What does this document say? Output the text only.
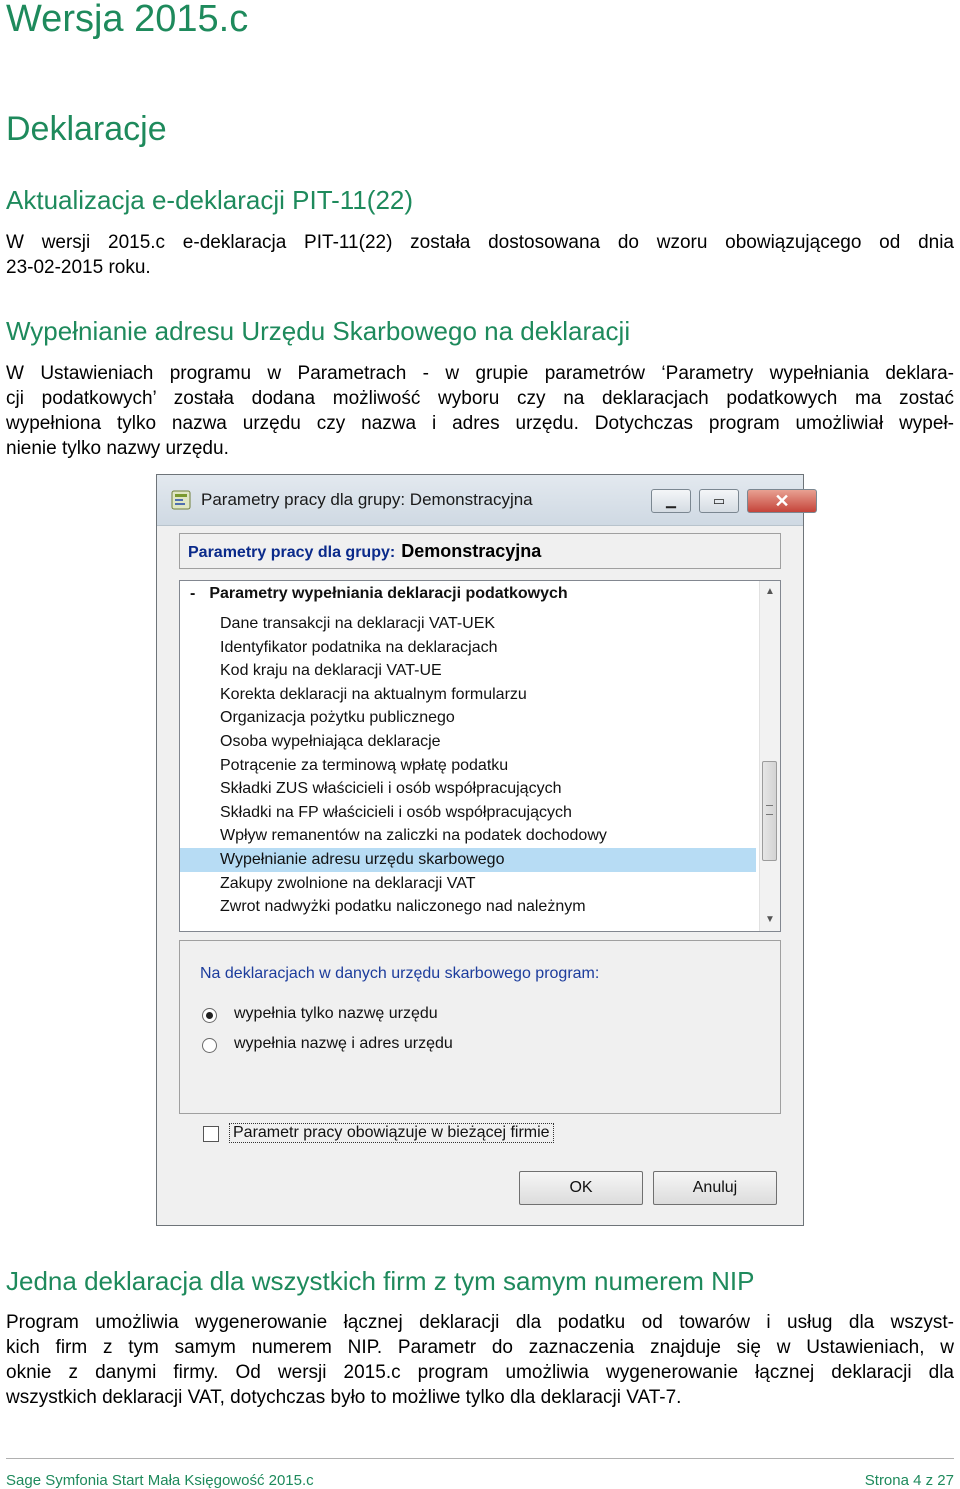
Wersja 2015.c
Deklaracje
Aktualizacja e-deklaracji PIT-11(22)

W wersji 2015.c e-deklaracja PIT-11(22) została dostosowana do wzoru obowiązującego od dnia
23-02-2015 roku.

Wypełnianie adresu Urzędu Skarbowego na deklaracji

W Ustawieniach programu w Parametrach - w grupie parametrów ‘Parametry wypełniania deklara-
cji podatkowych’ została dodana możliwość wyboru czy na deklaracjach podatkowych ma zostać
wypełniona tylko nazwa urzędu czy nazwa i adres urzędu. Dotychczas program umożliwiał wypeł-
nienie tylko nazwy urzędu.

Parametry pracy dla grupy: Demonstracyjna	▁	▭	✕
Parametry pracy dla grupy: Demonstracyjna
- Parametry wypełniania deklaracji podatkowych
Dane transakcji na deklaracji VAT-UEK
Identyfikator podatnika na deklaracjach
Kod kraju na deklaracji VAT-UE
Korekta deklaracji na aktualnym formularzu
Organizacja pożytku publicznego
Osoba wypełniająca deklaracje
Potrącenie za terminową wpłatę podatku
Składki ZUS właścicieli i osób współpracujących
Składki na FP właścicieli i osób współpracujących
Wpływ remanentów na zaliczki na podatek dochodowy
Wypełnianie adresu urzędu skarbowego
Zakupy zwolnione na deklaracji VAT
Zwrot nadwyżki podatku naliczonego nad należnym
▲
▼
Na deklaracjach w danych urzędu skarbowego program:
wypełnia tylko nazwę urzędu
wypełnia nazwę i adres urzędu
Parametr pracy obowiązuje w bieżącej firmie
OK	Anuluj
Jedna deklaracja dla wszystkich firm z tym samym numerem NIP

Program umożliwia wygenerowanie łącznej deklaracji dla podatku od towarów i usług dla wszyst-
kich firm z tym samym numerem NIP. Parametr do zaznaczenia znajduje się w Ustawieniach, w
oknie z danymi firmy. Od wersji 2015.c program umożliwia wygenerowanie łącznej deklaracji dla
wszystkich deklaracji VAT, dotychczas było to możliwe tylko dla deklaracji VAT-7.

Sage Symfonia Start Mała Księgowość 2015.c	Strona 4 z 27
